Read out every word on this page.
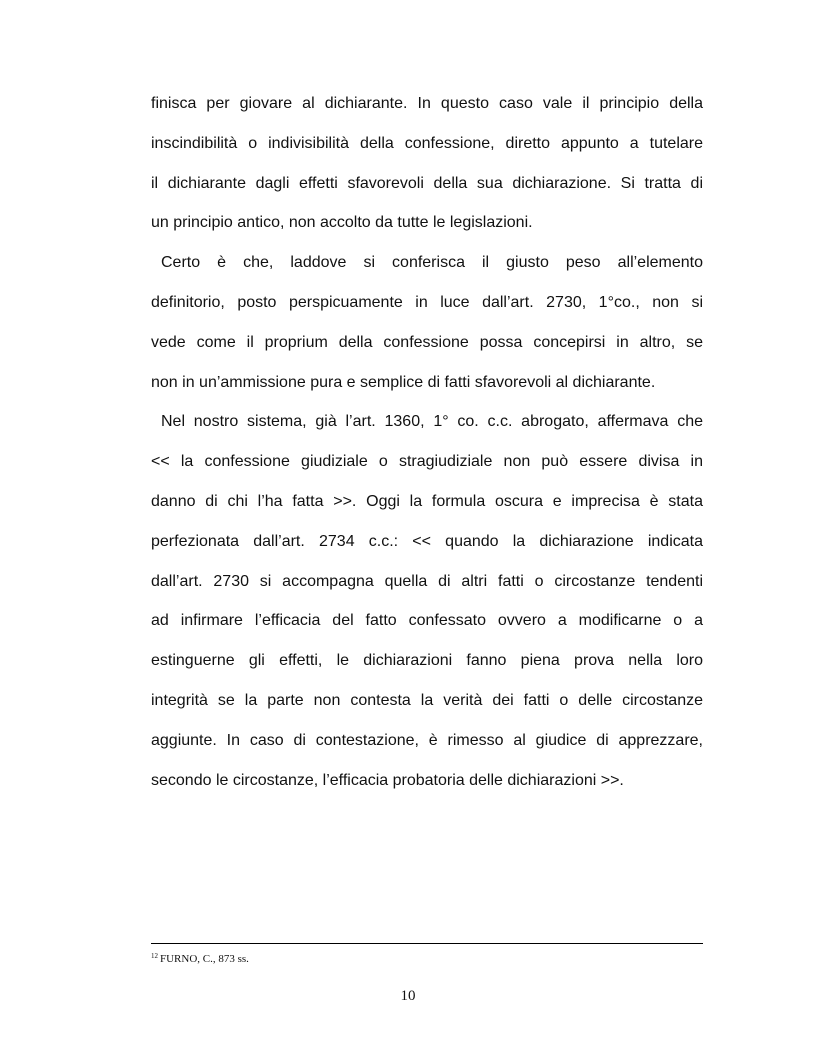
finisca per giovare al dichiarante. In questo caso vale il principio della
inscindibilità o indivisibilità della confessione, diretto appunto a tutelare
il dichiarante dagli effetti sfavorevoli della sua dichiarazione. Si tratta di
un principio antico, non accolto da tutte le legislazioni.

Certo è che, laddove si conferisca il giusto peso all’elemento
definitorio, posto perspicuamente in luce dall’art. 2730, 1°co., non si
vede come il proprium della confessione possa concepirsi in altro, se
non in un’ammissione pura e semplice di fatti sfavorevoli al dichiarante.

Nel nostro sistema, già l’art. 1360, 1° co. c.c. abrogato, affermava che
<< la confessione giudiziale o stragiudiziale non può essere divisa in
danno di chi l’ha fatta >>. Oggi la formula oscura e imprecisa è stata
perfezionata dall’art. 2734 c.c.: << quando la dichiarazione indicata
dall’art. 2730 si accompagna quella di altri fatti o circostanze tendenti
ad infirmare l’efficacia del fatto confessato ovvero a modificarne o a
estinguerne gli effetti, le dichiarazioni fanno piena prova nella loro
integrità se la parte non contesta la verità dei fatti o delle circostanze
aggiunte. In caso di contestazione, è rimesso al giudice di apprezzare,
secondo le circostanze, l’efficacia probatoria delle dichiarazioni >>.

$^{12}$ FURNO, C., 873 ss.
10
